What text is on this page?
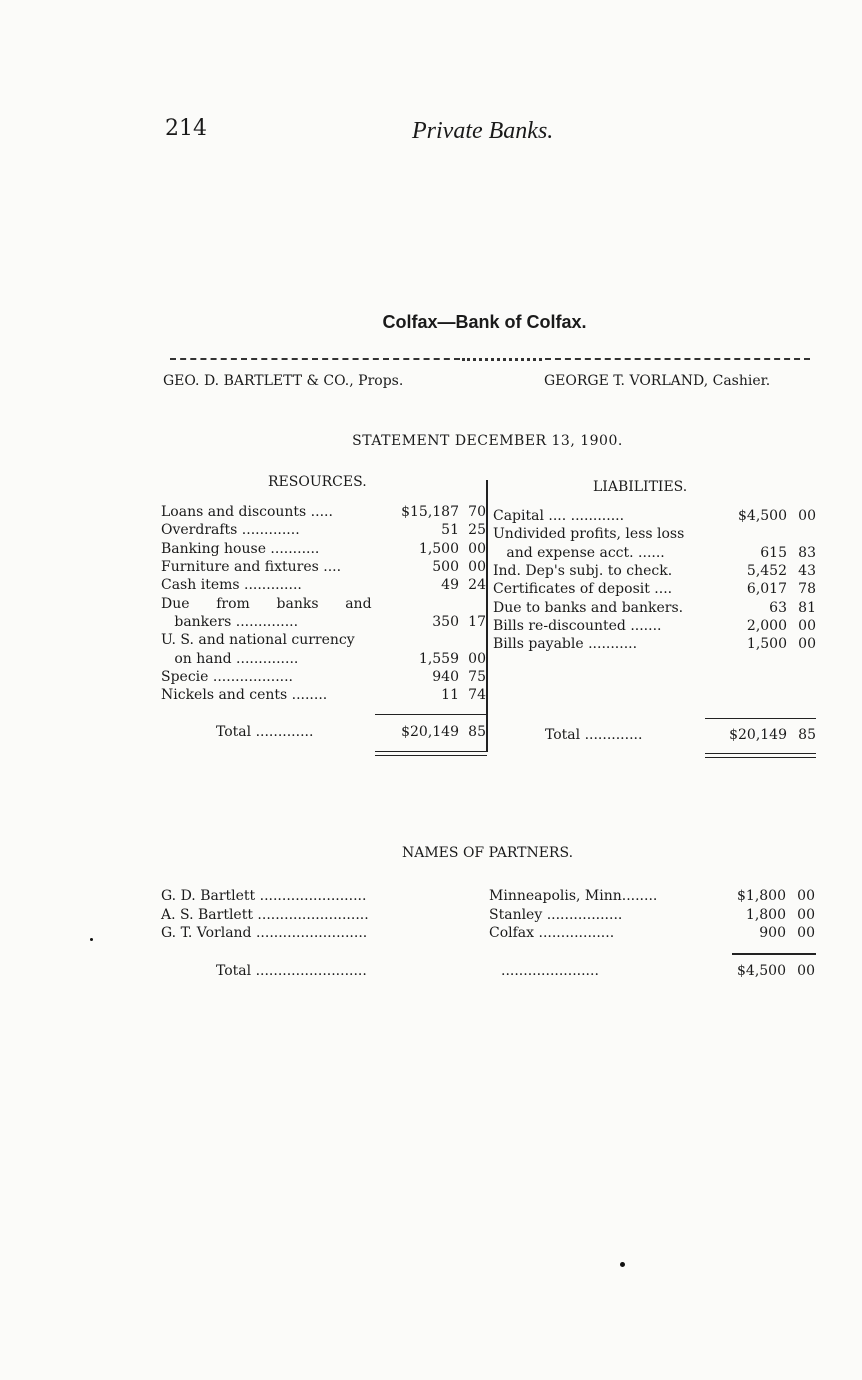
214	Private Banks.
Colfax—Bank of Colfax.
GEO. D. BARTLETT & CO., Props.	GEORGE T. VORLAND, Cashier.
STATEMENT DECEMBER 13, 1900.
RESOURCES.	LIABILITIES.
Loans and discounts .....	$15,187 70
Overdrafts .............	51 25
Banking house ...........	1,500 00
Furniture and fixtures ....	500 00
Cash items .............	49 24
Due      from      banks      and
bankers ..............	350 17
U. S. and national currency
on hand ..............	1,559 00
Specie ..................	940 75
Nickels and cents ........	11 74
Total .............	$20,149 85
Capital .... ............	$4,500 00
Undivided profits, less loss
and expense acct. ......	615 83
Ind. Dep's subj. to check.	5,452 43
Certificates of deposit ....	6,017 78
Due to banks and bankers.	63 81
Bills re-discounted .......	2,000 00
Bills payable ...........	1,500 00
Total .............	$20,149 85
NAMES OF PARTNERS.
G. D. Bartlett ........................	Minneapolis, Minn........	$1,800 00
A. S. Bartlett .........................	Stanley .................	1,800 00
G. T. Vorland .........................	Colfax .................	900 00
Total .........................	......................	$4,500 00
